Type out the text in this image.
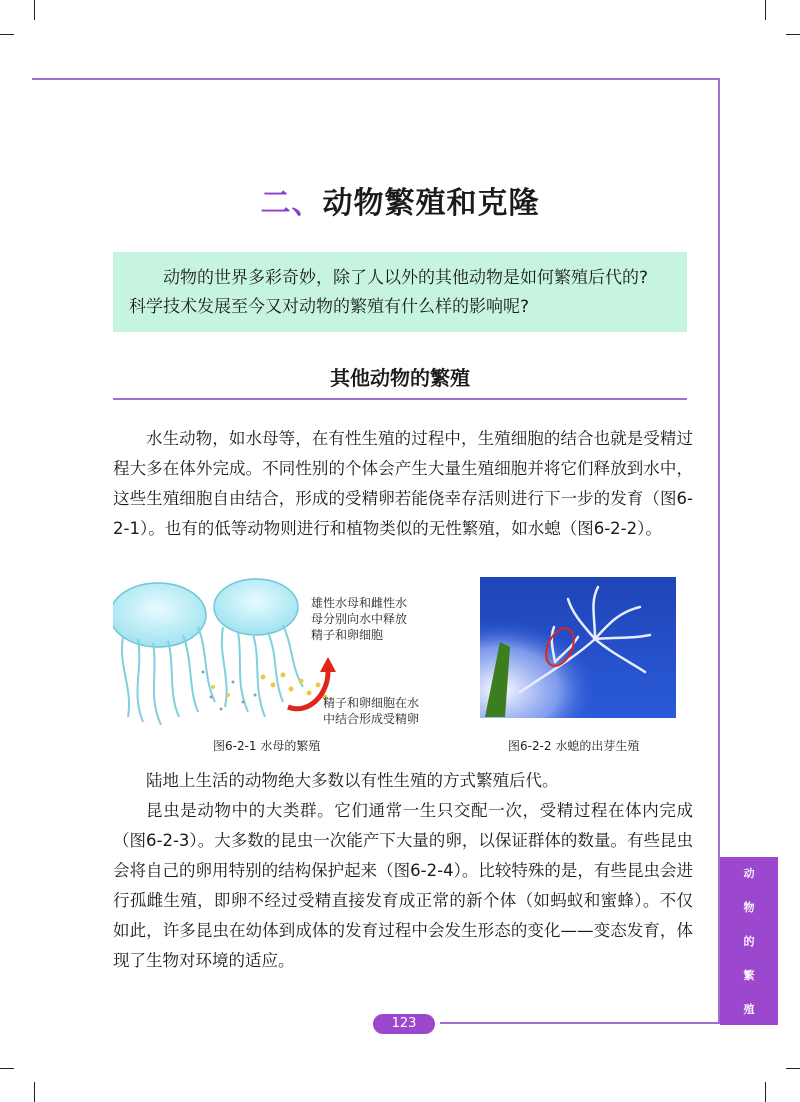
二、动物繁殖和克隆

动物的世界多彩奇妙，除了人以外的其他动物是如何繁殖后代的?

科学技术发展至今又对动物的繁殖有什么样的影响呢?

其他动物的繁殖

水生动物，如水母等，在有性生殖的过程中，生殖细胞的结合也就是受精过程大多在体外完成。不同性别的个体会产生大量生殖细胞并将它们释放到水中，这些生殖细胞自由结合，形成的受精卵若能侥幸存活则进行下一步的发育（图6-2-1）。也有的低等动物则进行和植物类似的无性繁殖，如水螅（图6-2-2）。

雄性水母和雌性水
母分别向水中释放
精子和卵细胞
精子和卵细胞在水
中结合形成受精卵
图6-2-1 水母的繁殖	图6-2-2 水螅的出芽生殖

陆地上生活的动物绝大多数以有性生殖的方式繁殖后代。

昆虫是动物中的大类群。它们通常一生只交配一次，受精过程在体内完成（图6-2-3）。大多数的昆虫一次能产下大量的卵，以保证群体的数量。有些昆虫会将自己的卵用特别的结构保护起来（图6-2-4）。比较特殊的是，有些昆虫会进行孤雌生殖，即卵不经过受精直接发育成正常的新个体（如蚂蚁和蜜蜂）。不仅如此，许多昆虫在幼体到成体的发育过程中会发生形态的变化——变态发育，体现了生物对环境的适应。

动
物
的
繁
殖
123
